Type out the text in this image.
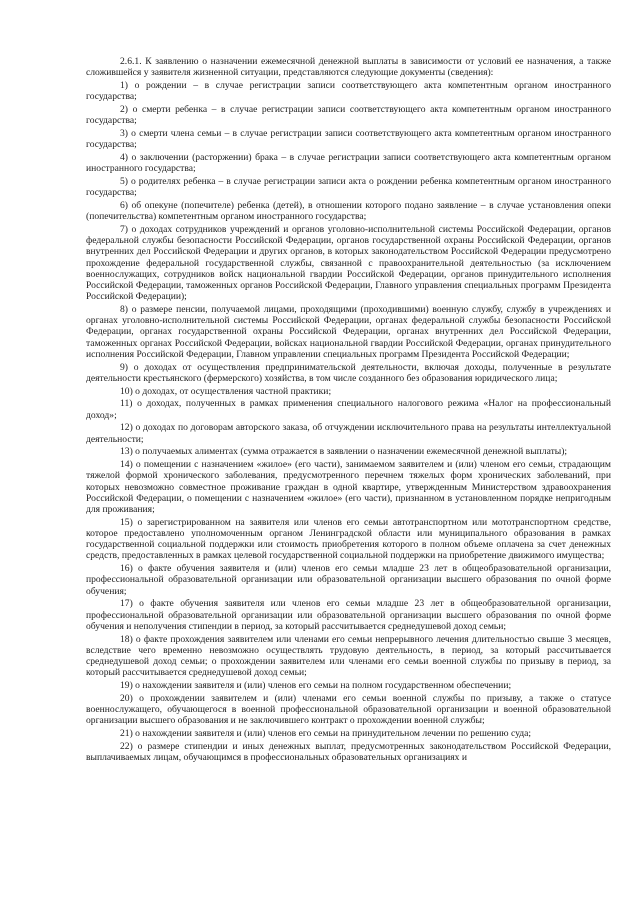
2.6.1. К заявлению о назначении ежемесячной денежной выплаты в зависимости от условий ее назначения, а также сложившейся у заявителя жизненной ситуации, представляются следующие документы (сведения):

1) о рождении – в случае регистрации записи соответствующего акта компетентным органом иностранного государства;

2) о смерти ребенка – в случае регистрации записи соответствующего акта компетентным органом иностранного государства;

3) о смерти члена семьи – в случае регистрации записи соответствующего акта компетентным органом иностранного государства;

4) о заключении (расторжении) брака – в случае регистрации записи соответствующего акта компетентным органом иностранного государства;

5) о родителях ребенка – в случае регистрации записи акта о рождении ребенка компетентным органом иностранного государства;

6) об опекуне (попечителе) ребенка (детей), в отношении которого подано заявление – в случае установления опеки (попечительства) компетентным органом иностранного государства;

7) о доходах сотрудников учреждений и органов уголовно-исполнительной системы Российской Федерации, органов федеральной службы безопасности Российской Федерации, органов государственной охраны Российской Федерации, органов внутренних дел Российской Федерации и других органов, в которых законодательством Российской Федерации предусмотрено прохождение федеральной государственной службы, связанной с правоохранительной деятельностью (за исключением военнослужащих, сотрудников войск национальной гвардии Российской Федерации, органов принудительного исполнения Российской Федерации, таможенных органов Российской Федерации, Главного управления специальных программ Президента Российской Федерации);

8) о размере пенсии, получаемой лицами, проходящими (проходившими) военную службу, службу в учреждениях и органах уголовно-исполнительной системы Российской Федерации, органах федеральной службы безопасности Российской Федерации, органах государственной охраны Российской Федерации, органах внутренних дел Российской Федерации, таможенных органах Российской Федерации, войсках национальной гвардии Российской Федерации, органах принудительного исполнения Российской Федерации, Главном управлении специальных программ Президента Российской Федерации;

9) о доходах от осуществления предпринимательской деятельности, включая доходы, полученные в результате деятельности крестьянского (фермерского) хозяйства, в том числе созданного без образования юридического лица;

10) о доходах, от осуществления частной практики;

11) о доходах, полученных в рамках применения специального налогового режима «Налог на профессиональный доход»;

12) о доходах по договорам авторского заказа, об отчуждении исключительного права на результаты интеллектуальной деятельности;

13) о получаемых алиментах (сумма отражается в заявлении о назначении ежемесячной денежной выплаты);

14) о помещении с назначением «жилое» (его части), занимаемом заявителем и (или) членом его семьи, страдающим тяжелой формой хронического заболевания, предусмотренного перечнем тяжелых форм хронических заболеваний, при которых невозможно совместное проживание граждан в одной квартире, утвержденным Министерством здравоохранения Российской Федерации, о помещении с назначением «жилое» (его части), признанном в установленном порядке непригодным для проживания;

15) о зарегистрированном на заявителя или членов его семьи автотранспортном или мототранспортном средстве, которое предоставлено уполномоченным органом Ленинградской области или муниципального образования в рамках государственной социальной поддержки или стоимость приобретения которого в полном объеме оплачена за счет денежных средств, предоставленных в рамках целевой государственной социальной поддержки на приобретение движимого имущества;

16) о факте обучения заявителя и (или) членов его семьи младше 23 лет в общеобразовательной организации, профессиональной образовательной организации или образовательной организации высшего образования по очной форме обучения;

17) о факте обучения заявителя или членов его семьи младше 23 лет в общеобразовательной организации, профессиональной образовательной организации или образовательной организации высшего образования по очной форме обучения и неполучения стипендии в период, за который рассчитывается среднедушевой доход семьи;

18) о факте прохождения заявителем или членами его семьи непрерывного лечения длительностью свыше 3 месяцев, вследствие чего временно невозможно осуществлять трудовую деятельность, в период, за который рассчитывается среднедушевой доход семьи; о прохождении заявителем или членами его семьи военной службы по призыву в период, за который рассчитывается среднедушевой доход семьи;

19) о нахождении заявителя и (или) членов его семьи на полном государственном обеспечении;

20) о прохождении заявителем и (или) членами его семьи военной службы по призыву, а также о статусе военнослужащего, обучающегося в военной профессиональной образовательной организации и военной образовательной организации высшего образования и не заключившего контракт о прохождении военной службы;

21) о нахождении заявителя и (или) членов его семьи на принудительном лечении по решению суда;

22) о размере стипендии и иных денежных выплат, предусмотренных законодательством Российской Федерации, выплачиваемых лицам, обучающимся в профессиональных образовательных организациях и
